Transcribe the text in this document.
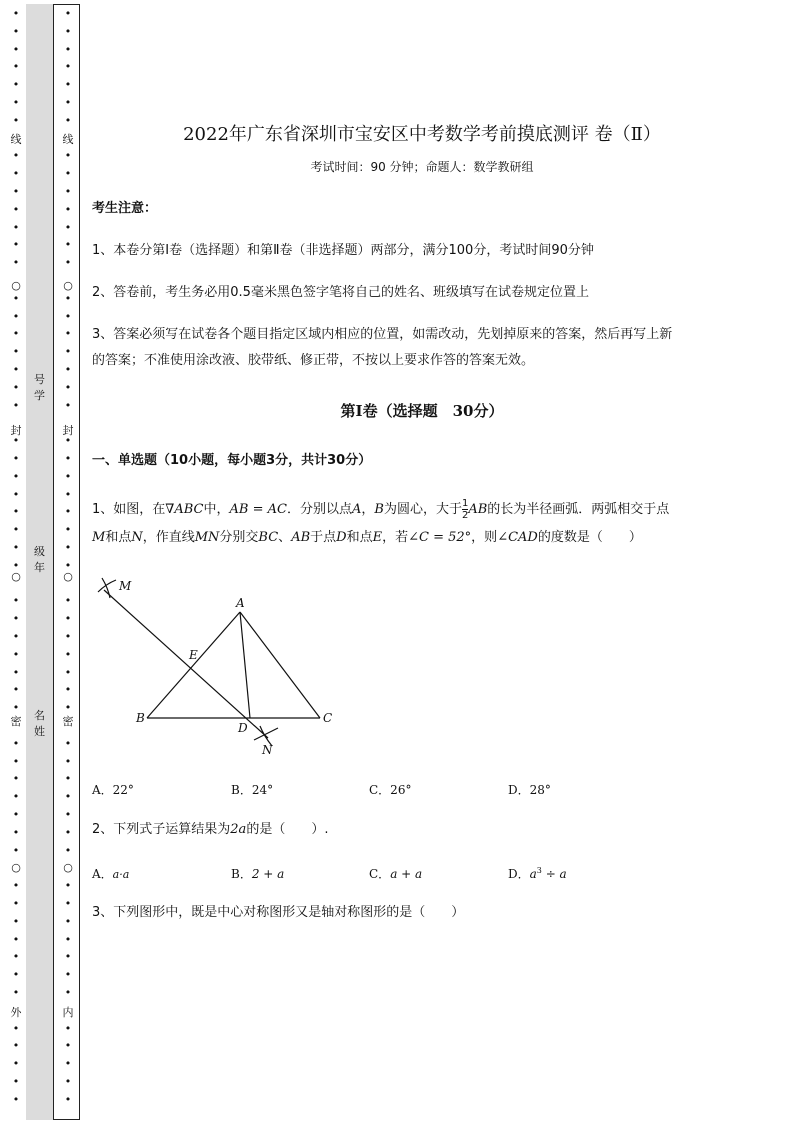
•
•
•
•
•
•
•
•
•
•
•
•
•
•
•
•
•
•
•
•
•
•
•
•
•
•
•
•
•
•
•
•
•
•
•
•
•
•
•
•
•
•
•
•
•
•
•
•
•
•
•
•
•
•
•
线
封
密
外
○
○
○
•
•
•
•
•
•
•
•
•
•
•
•
•
•
•
•
•
•
•
•
•
•
•
•
•
•
•
•
•
•
•
•
•
•
•
•
•
•
•
•
•
•
•
•
•
•
•
•
•
•
•
•
•
•
•
线
封
密
内
○
○
○
号
学
级
年
名
姓
2022年广东省深圳市宝安区中考数学考前摸底测评 卷（Ⅱ）
考试时间：90 分钟；命题人：数学教研组
考生注意：
1、本卷分第Ⅰ卷（选择题）和第Ⅱ卷（非选择题）两部分，满分100分，考试时间90分钟
2、答卷前，考生务必用0.5毫米黑色签字笔将自己的姓名、班级填写在试卷规定位置上
3、答案必须写在试卷各个题目指定区域内相应的位置，如需改动，先划掉原来的答案，然后再写上新
的答案；不准使用涂改液、胶带纸、修正带，不按以上要求作答的答案无效。
第Ⅰ卷（选择题　30分）
一、单选题（10小题，每小题3分，共计30分）
1、如图，在∇ABC中，AB = AC．分别以点A，B为圆心，大于 $\frac{1}{2}$ AB的长为半径画弧．两弧相交于点
M和点N，作直线MN分别交BC、AB于点D和点E，若∠C = 52°，则∠CAD的度数是（　　）
M
A
E
B
D
C
N
A．22°	B．24°	C．26°	D．28°
2、下列式子运算结果为2a的是（　　）.
A．a·a	B．2 + a	C．a + a	D．$a^3 \div a$
3、下列图形中，既是中心对称图形又是轴对称图形的是（　　）
